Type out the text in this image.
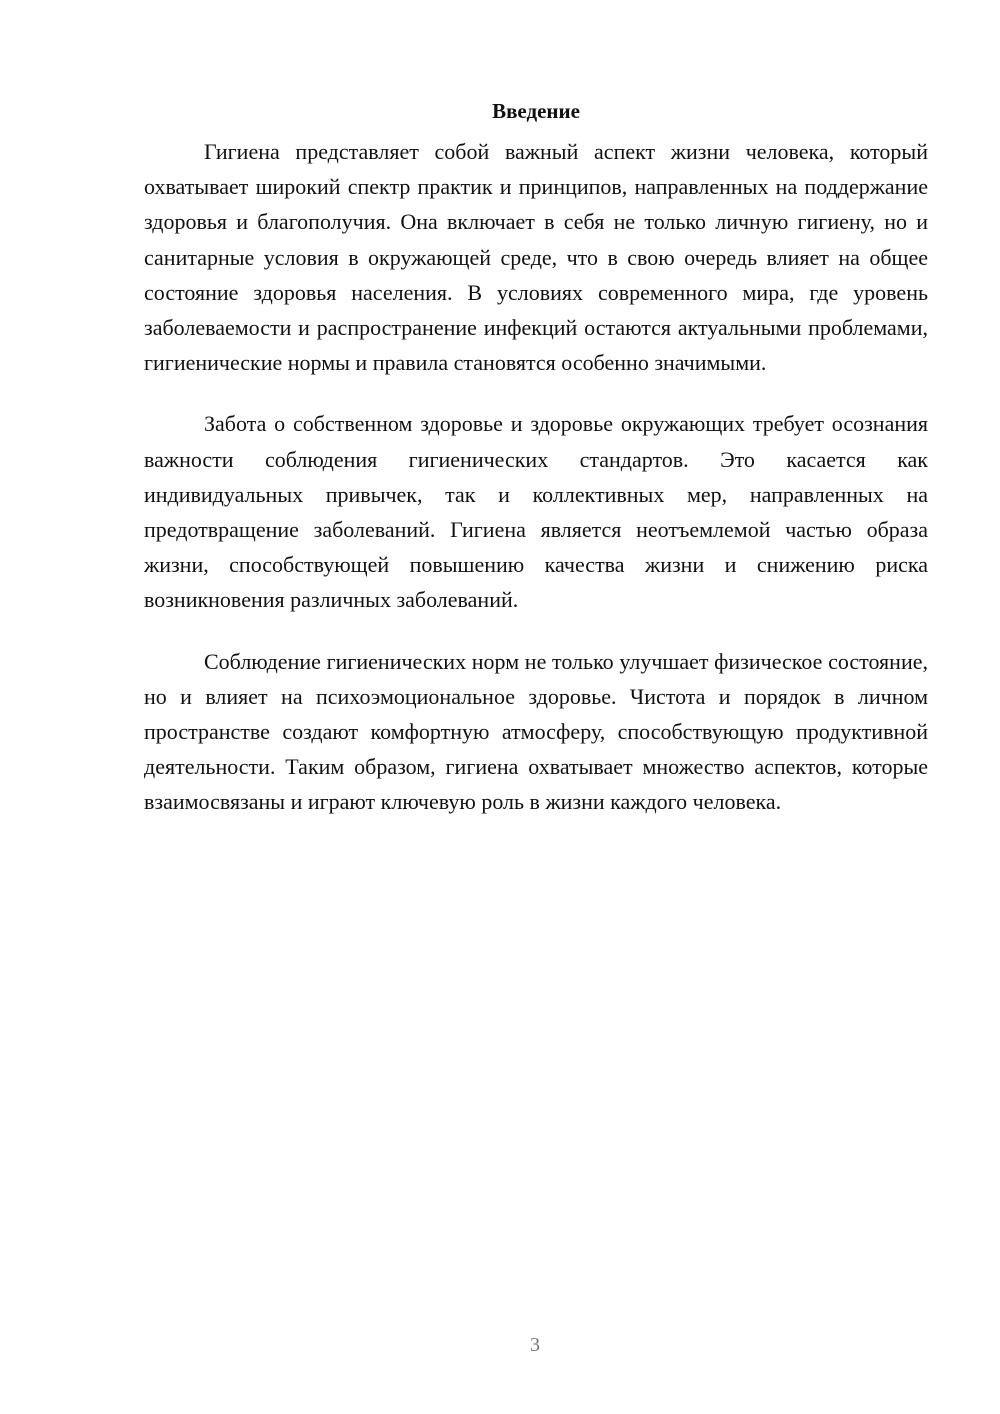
Введение

Гигиена представляет собой важный аспект жизни человека, который охватывает широкий спектр практик и принципов, направленных на поддержание здоровья и благополучия. Она включает в себя не только личную гигиену, но и санитарные условия в окружающей среде, что в свою очередь влияет на общее состояние здоровья населения. В условиях современного мира, где уровень заболеваемости и распространение инфекций остаются актуальными проблемами, гигиенические нормы и правила становятся особенно значимыми.

Забота о собственном здоровье и здоровье окружающих требует осознания важности соблюдения гигиенических стандартов. Это касается как индивидуальных привычек, так и коллективных мер, направленных на предотвращение заболеваний. Гигиена является неотъемлемой частью образа жизни, способствующей повышению качества жизни и снижению риска возникновения различных заболеваний.

Соблюдение гигиенических норм не только улучшает физическое состояние, но и влияет на психоэмоциональное здоровье. Чистота и порядок в личном пространстве создают комфортную атмосферу, способствующую продуктивной деятельности. Таким образом, гигиена охватывает множество аспектов, которые взаимосвязаны и играют ключевую роль в жизни каждого человека.

3
